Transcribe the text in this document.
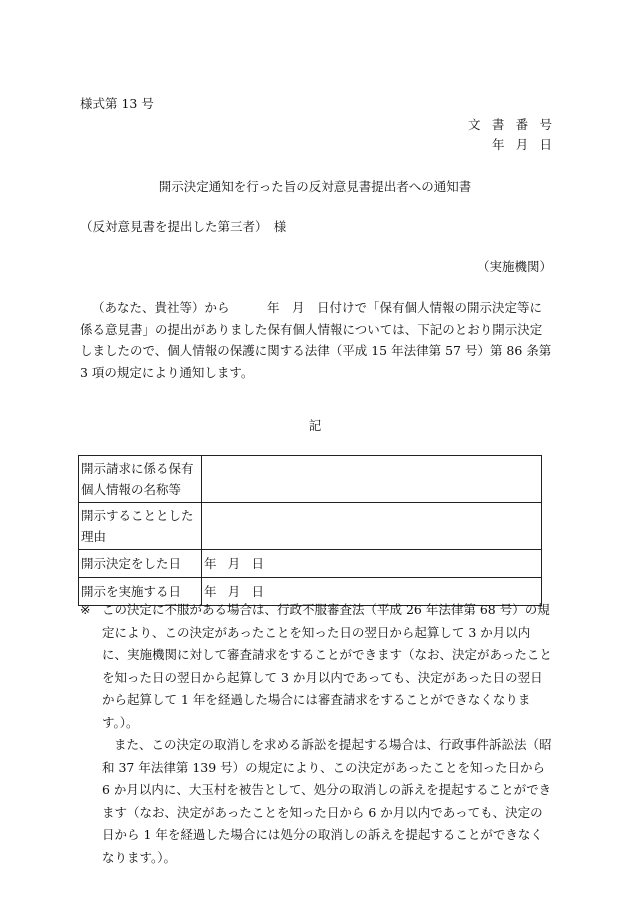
様式第 13 号
文書番号
年月日
開示決定通知を行った旨の反対意見書提出者への通知書
（反対意見書を提出した第三者）　様
（実施機関）
（あなた、貴社等）から　　　年　月　日付けで「保有個人情報の開示決定等に係る意見書」の提出がありました保有個人情報については、下記のとおり開示決定しましたので、個人情報の保護に関する法律（平成 15 年法律第 57 号）第 86 条第 3 項の規定により通知します。
記
開示請求に係る保有個人情報の名称等	
開示することとした理由	
開示決定をした日	年月日
開示を実施する日	年月日
※ この決定に不服がある場合は、行政不服審査法（平成 26 年法律第 68 号）の規定により、この決定があったことを知った日の翌日から起算して 3 か月以内に、実施機関に対して審査請求をすることができます（なお、決定があったことを知った日の翌日から起算して 3 か月以内であっても、決定があった日の翌日から起算して 1 年を経過した場合には審査請求をすることができなくなります。）。

また、この決定の取消しを求める訴訟を提起する場合は、行政事件訴訟法（昭和 37 年法律第 139 号）の規定により、この決定があったことを知った日から 6 か月以内に、大玉村を被告として、処分の取消しの訴えを提起することができます（なお、決定があったことを知った日から 6 か月以内であっても、決定の日から 1 年を経過した場合には処分の取消しの訴えを提起することができなくなります。）。
